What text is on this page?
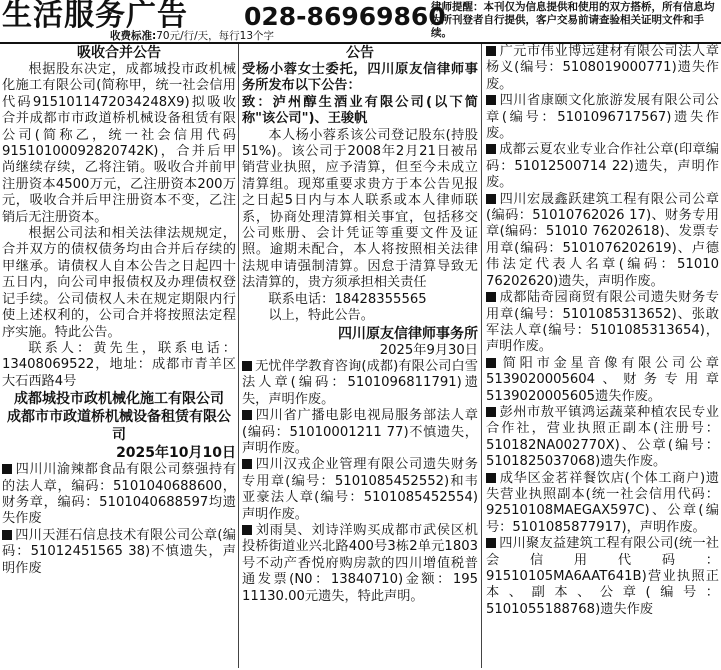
生活服务广告 028-86969860
收费标准:70元/行/天，每行13个字
律师提醒：本刊仅为信息提供和使用的双方搭桥，所有信息均为所刊登者自行提供，客户交易前请查验相关证明文件和手续。
吸收合并公告

根据股东决定，成都城投市政机械化施工有限公司(简称甲，统一社会信用代码9151011472034248X9)拟吸收合并成都市市政道桥机械设备租赁有限公司(简称乙，统一社会信用代码91510100092820742K)，合并后甲尚继续存续，乙将注销。吸收合并前甲注册资本4500万元，乙注册资本200万元，吸收合并后甲注册资本不变，乙注销后无注册资本。

根据公司法和相关法律法规规定，合并双方的债权债务均由合并后存续的甲继承。请债权人自本公告之日起四十五日内，向公司申报债权及办理债权登记手续。公司债权人未在规定期限内行使上述权利的，公司合并将按照法定程序实施。特此公告。

联系人：黄先生，联系电话：13408069522，地址：成都市青羊区大石西路4号

成都城投市政机械化施工有限公司
成都市市政道桥机械设备租赁有限公司
2025年10月10日

四川川渝辣都食品有限公司蔡强持有的法人章，编码：5101040688600，财务章，编码：5101040688597均遗失作废

四川天涯石信息技术有限公司公章(编码：51012451565 38)不慎遗失，声明作废

公告

受杨小蓉女士委托，四川原友信律师事务所发布以下公告：

致：泸州醇生酒业有限公司(以下简称"该公司")、王骏帆

本人杨小蓉系该公司登记股东(持股51%)。该公司于2008年2月21日被吊销营业执照，应予清算，但至今未成立清算组。现郑重要求贵方于本公告见报之日起5日内与本人联系或本人律师联系，协商处理清算相关事宜，包括移交公司账册、会计凭证等重要文件及证照。逾期未配合，本人将按照相关法律法规申请强制清算。因怠于清算导致无法清算的，贵方须承担相关责任

联系电话：18428355565

以上，特此公告。

四川原友信律师事务所
2025年9月30日

无忧伴学教育咨询(成都)有限公司白雪法人章(编码：5101096811791)遗失，声明作废。

四川省广播电影电视局服务部法人章(编码：51010001211 77)不慎遗失，声明作废。

四川汉戎企业管理有限公司遗失财务专用章(编号：5101085452552)和韦亚豪法人章(编号：5101085452554)声明作废。

刘雨昊、刘诗洋购买成都市武侯区机投桥街道业兴北路400号3栋2单元1803号不动产香悦府购房款的四川增值税普通发票(N0：13840710)金额：195 11130.00元遗失，特此声明。

广元市伟业博远建材有限公司法人章杨义(编号：5108019000771)遗失作废。

四川省康颐文化旅游发展有限公司公章(编号：5101096717567)遗失作废。

成都云夏农业专业合作社公章(印章编码：51012500714 22)遗失，声明作废。

四川宏晟鑫跃建筑工程有限公司公章(编码：51010762026 17)、财务专用章(编码：51010 76202618)、发票专用章(编码：5101076202619)、卢德伟法定代表人名章(编码：51010 76202620)遗失，声明作废。

成都陆奇园商贸有限公司遗失财务专用章(编号：5101085313652)、张敢军法人章(编号：5101085313654)，声明作废。

简阳市金星音像有限公司公章5139020005604、财务专用章5139020005605遗失作废。

彭州市敖平镇鸿运蔬菜种植农民专业合作社，营业执照正副本(注册号：510182NA002770X)、公章(编号：5101825037068)遗失作废。

成华区金茗祥餐饮店(个体工商户)遗失营业执照副本(统一社会信用代码：92510108MAEGAX597C)、公章(编号：5101085877917)，声明作废。

四川聚友益建筑工程有限公司(统一社会信用代码：91510105MA6AAT641B)营业执照正本、副本、公章(编号：5101055188768)遗失作废
